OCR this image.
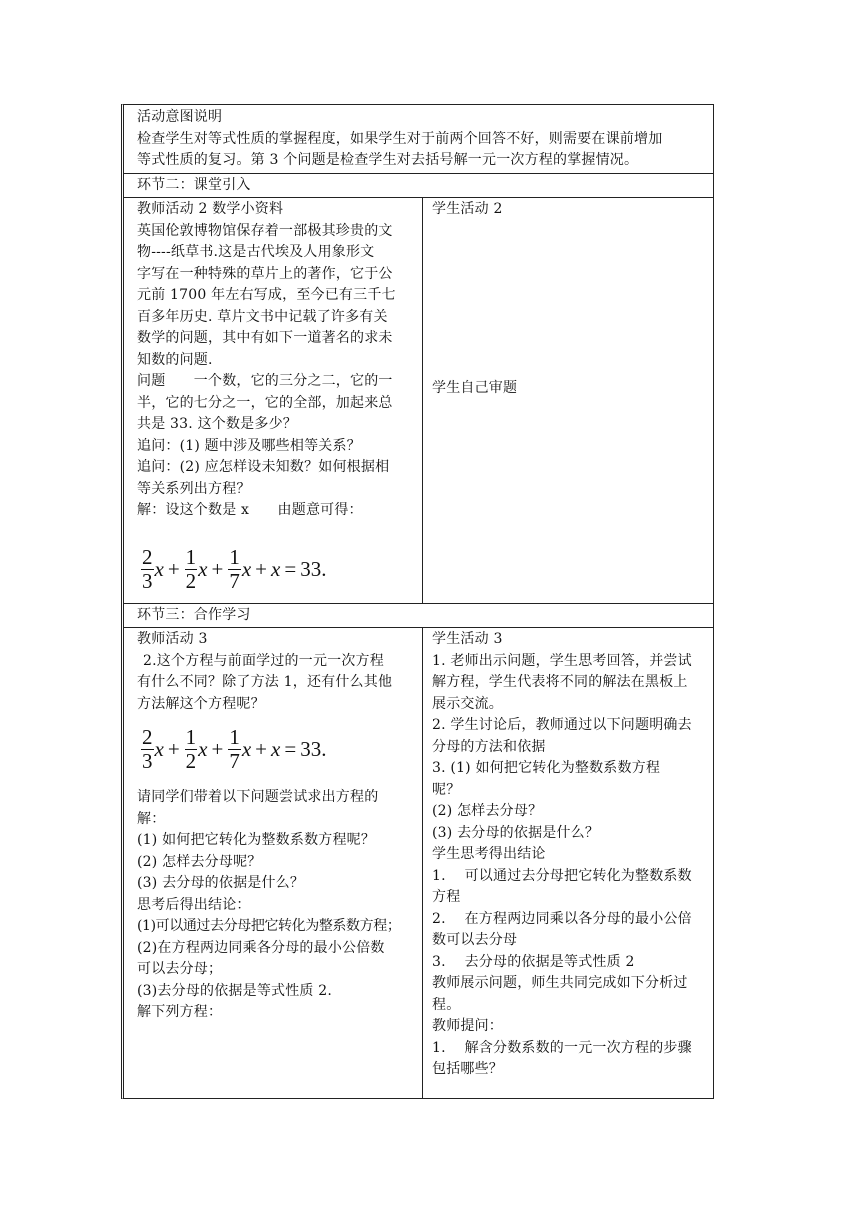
活动意图说明

检查学生对等式性质的掌握程度，如果学生对于前两个回答不好，则需要在课前增加

等式性质的复习。第 3 个问题是检查学生对去括号解一元一次方程的掌握情况。

环节二：课堂引入

教师活动 2 数学小资料

英国伦敦博物馆保存着一部极其珍贵的文

物----纸草书.这是古代埃及人用象形文

字写在一种特殊的草片上的著作，它于公

元前 1700 年左右写成，至今已有三千七

百多年历史. 草片文书中记载了许多有关

数学的问题，其中有如下一道著名的求未

知数的问题.

问题　　一个数，它的三分之二，它的一

半，它的七分之一，它的全部，加起来总

共是 33. 这个数是多少？

追问：(1) 题中涉及哪些相等关系？

追问：(2) 应怎样设未知数？如何根据相

等关系列出方程？

解：设这个数是 x　　由题意可得：

$\frac{2}{3}$ $x + \frac{1}{2}$ $x + \frac{1}{7}$ x + x = 33.
学生活动 2
学生自己审题
环节三：合作学习

教师活动 3

2.这个方程与前面学过的一元一次方程

有什么不同？除了方法 1，还有什么其他

方法解这个方程呢？

$\frac{2}{3}$ $x + \frac{1}{2}$ $x + \frac{1}{7}$ x + x = 33.

请同学们带着以下问题尝试求出方程的

解：

(1) 如何把它转化为整数系数方程呢？

(2) 怎样去分母呢？

(3) 去分母的依据是什么？

思考后得出结论：

(1)可以通过去分母把它转化为整系数方程；

(2)在方程两边同乘各分母的最小公倍数

可以去分母；

(3)去分母的依据是等式性质 2.

解下列方程：

学生活动 3

1. 老师出示问题，学生思考回答，并尝试

解方程，学生代表将不同的解法在黑板上

展示交流。

2. 学生讨论后，教师通过以下问题明确去

分母的方法和依据

3. (1) 如何把它转化为整数系数方程

呢？

(2) 怎样去分母？

(3) 去分母的依据是什么？

学生思考得出结论

1.　 可以通过去分母把它转化为整数系数

方程

2.　 在方程两边同乘以各分母的最小公倍

数可以去分母

3.　 去分母的依据是等式性质 2

教师展示问题，师生共同完成如下分析过

程。

教师提问：

1.　 解含分数系数的一元一次方程的步骤

包括哪些？
